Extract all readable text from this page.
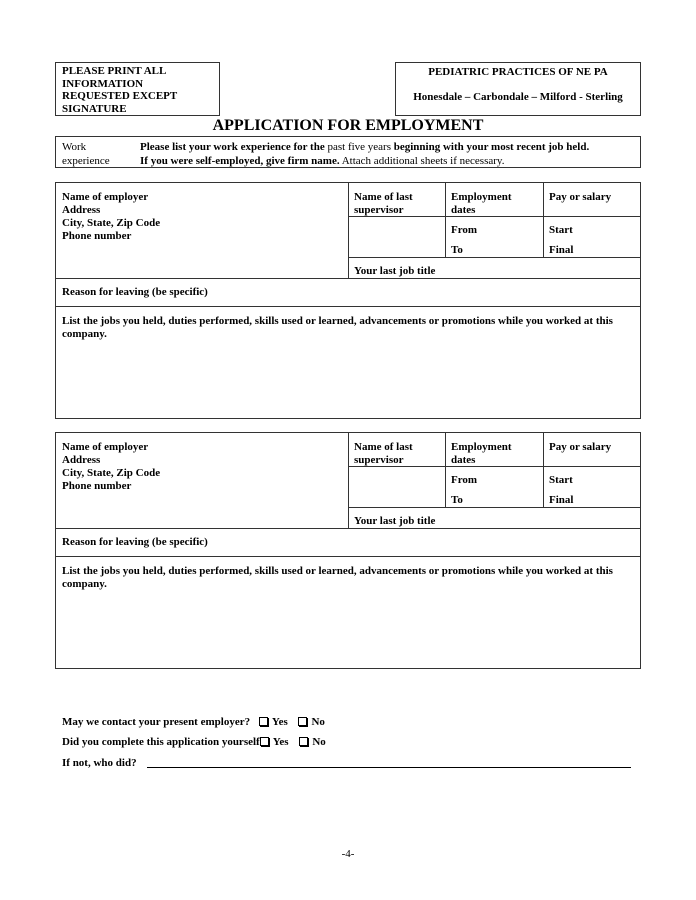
PLEASE PRINT ALL
INFORMATION
REQUESTED EXCEPT
SIGNATURE
PEDIATRIC PRACTICES OF NE PA
Honesdale – Carbondale – Milford - Sterling
APPLICATION FOR EMPLOYMENT
Work
experience
Please list your work experience for the past five years beginning with your most recent job held.
If you were self-employed, give firm name. Attach additional sheets if necessary.
Name of employer
Address
City, State, Zip Code
Phone number
Name of last
supervisor
Employment
dates
Pay or salary
From
To
Start
Final
Your last job title
Reason for leaving (be specific)
List the jobs you held, duties performed, skills used or learned, advancements or promotions while you worked at this company.
Name of employer
Address
City, State, Zip Code
Phone number
Name of last
supervisor
Employment
dates
Pay or salary
From
To
Start
Final
Your last job title
Reason for leaving (be specific)
List the jobs you held, duties performed, skills used or learned, advancements or promotions while you worked at this company.
May we contact your present employer? Yes No
Did you complete this application yourself Yes No
If not, who did?
-4-
